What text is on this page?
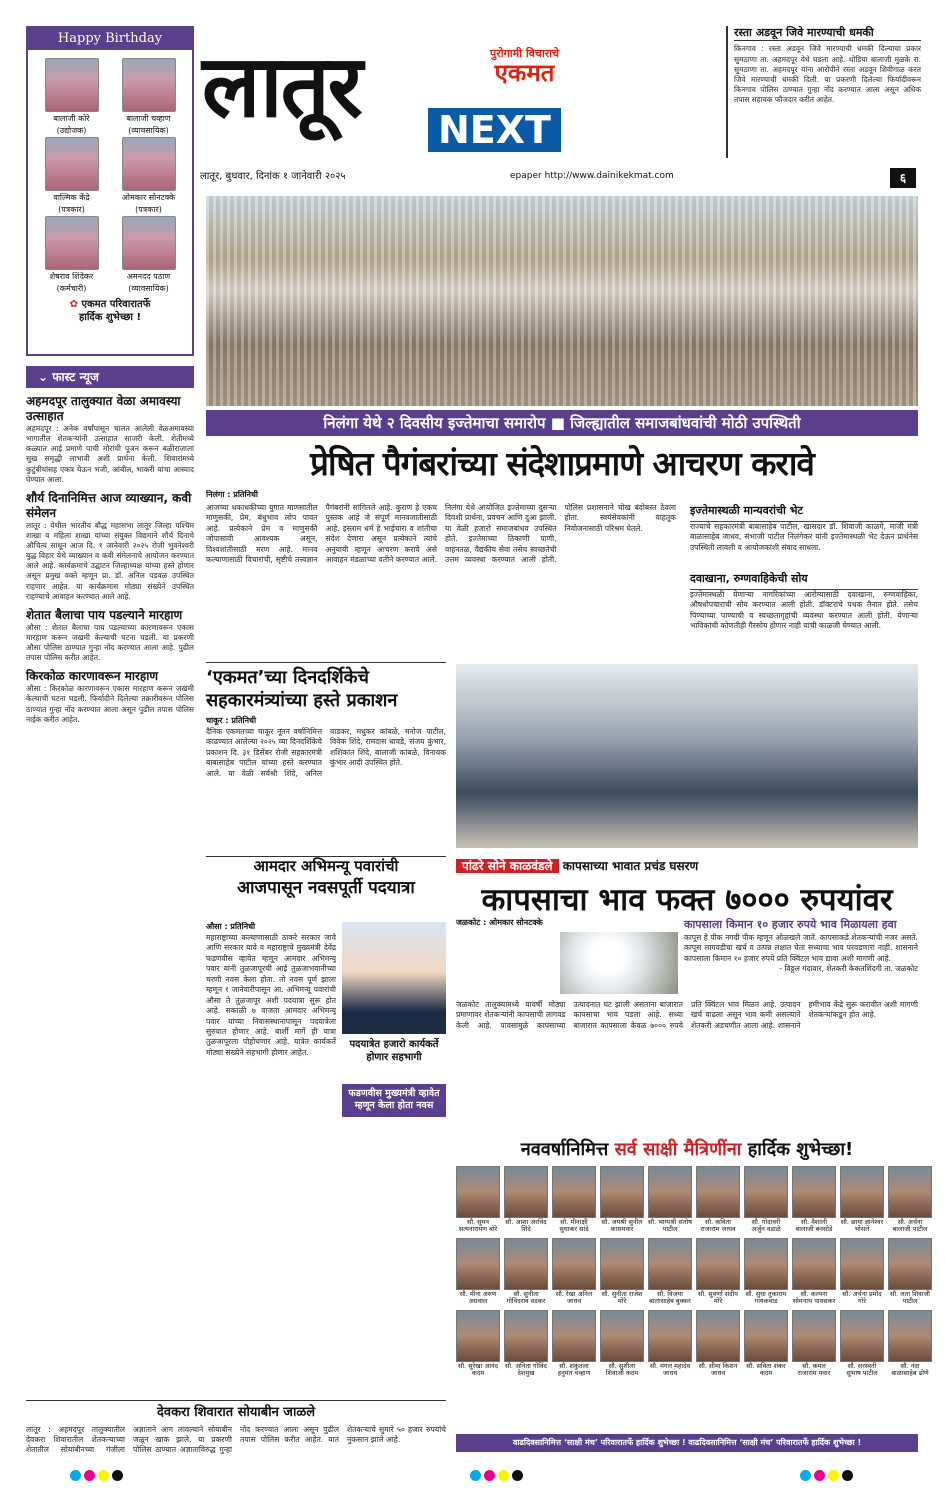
Happy Birthday
बालाजी कोरे
(उद्योजक)
बालाजी चव्हाण
(व्यावसायिक)
वाल्मिक केंद्रे
(पत्रकार)
ओमकार सोनटक्के
(पत्रकार)
शेषराव शिंदेकर
(कर्मचारी)
अमनदद पठाण
(व्यावसायिक)
✿ एकमत परिवारातर्फे
हार्दिक शुभेच्छा !
⌄ फास्ट न्यूज
अहमदपूर तालुक्यात वेळा अमावस्या उत्साहात
अहमदपूर : अनेक वर्षांपासून चालत आलेली वेळअमावस्या भागातील शेतकऱ्यांनी उत्साहात साजरी केली. शेतीमध्ये कळ्यात आई प्रमाणे पाची मोरांची पूजन करून बळीराजाला सुख समृद्धी लाभावी अशी प्रार्थना केली. शिवारांमध्ये कुटुंबीयांसह एकत्र येऊन भजी, आंबील, भाकरी यांचा आस्वाद घेण्यात आला.
शौर्य दिनानिमित्त आज व्याख्यान, कवी संमेलन
लातूर : येथील भारतीय बौद्ध महासभा लातूर जिल्हा पश्चिम शाखा व महिला शाखा यांच्या संयुक्त विद्यमाने शौर्य दिनाचे औचित्य साधून आज दि. १ जानेवारी २०२५ रोजी भुवनेश्वरी बुद्ध विहार येथे व्याख्यान व कवी संमेलनाचे आयोजन करण्यात आले आहे. कार्यक्रमाचे उद्घाटन जिल्हाध्यक्ष यांच्या हस्ते होणार असून प्रमुख वक्ते म्हणून प्रा. डॉ. अनिल पडवळ उपस्थित राहणार आहेत. या कार्यक्रमास मोठ्या संख्येने उपस्थित राहण्याचे आवाहन करण्यात आले आहे.
शेतात बैलाचा पाय पडल्याने मारहाण
औसा : शेतात बैलाचा पाय पडल्याच्या कारणावरून एकास मारहाण करून जखमी केल्याची घटना घडली. या प्रकरणी औसा पोलिस ठाण्यात गुन्हा नोंद करण्यात आला आहे. पुढील तपास पोलिस करीत आहेत.
किरकोळ कारणावरून मारहाण
औसा : किरकोळ कारणावरून एकास मारहाण करून जखमी केल्याची घटना घडली. फिर्यादीने दिलेल्या तक्रारीवरून पोलिस ठाण्यात गुन्हा नोंद करण्यात आला असून पुढील तपास पोलिस नाईक करीत आहेत.
लातूर	पुरोगामी विचाराचे
एकमत
NEXT
लातूर, बुधवार, दिनांक १ जानेवारी २०२५	epaper http://www.dainikekmat.com	६
रस्ता अडवून जिवे मारण्याची धमकी
किनगाव : रस्ता अडवून जिवे मारण्याची धमकी दिल्याचा प्रकार सुमठाणा ता. अहमदपूर येथे घडला आहे. थोडिया बालाजी मुळके रा. सुमठाणा ता. अहमदपूर यांना आरोपीने रस्ता अडवून शिवीगाळ करत जिवे मारण्याची धमकी दिली. या प्रकरणी दिलेल्या फिर्यादीवरून किनगाव पोलिस ठाण्यात गुन्हा नोंद करण्यात आला असून अधिक तपास सहायक फौजदार करीत आहेत.
निलंगा येथे २ दिवसीय इज्तेमाचा समारोप ■ जिल्ह्यातील समाजबांधवांची मोठी उपस्थिती
प्रेषित पैगंबरांच्या संदेशाप्रमाणे आचरण करावे
निलंगा : प्रतिनिधी
आजच्या धकाधकीच्या युगात माणसातील माणुसकी, प्रेम, बंधुभाव लोप पावत आहे. प्रत्येकाने प्रेम व माणुसकी जोपासावी आवश्यक असून, विश्वशांतीसाठी मरण आहे. मानव कल्याणासाठी विचारांची, सृष्टीचे तत्त्वज्ञान पैगंबरांनी सांगितले आहे. कुराण हे एकच पुस्तक आहे जे संपूर्ण मानवजातीसाठी आहे. इस्लाम धर्म हे भाईचारा व शांतीचा संदेश देणारा असून प्रत्येकाने त्यांचे अनुयायी म्हणून आचरण करावे असे आवाहन मंडळाच्या वतीने करण्यात आले. निलंगा येथे आयोजित इज्तेमाच्या दुसऱ्या दिवशी प्रार्थना, प्रवचन आणि दुआ झाली. या वेळी हजारो समाजबांधव उपस्थित होते. इज्तेमाच्या ठिकाणी पाणी, वाहनतळ, वैद्यकीय सेवा तसेच स्वच्छतेची उत्तम व्यवस्था करण्यात आली होती. पोलिस प्रशासनाने चोख बंदोबस्त ठेवला होता. स्वयंसेवकांनी वाहतूक नियोजनासाठी परिश्रम घेतले.
इज्तेमास्थळी मान्यवरांची भेट
राज्याचे सहकारमंत्री बाबासाहेब पाटील, खासदार डॉ. शिवाजी काळगे, माजी मंत्री बाळासाहेब जाधव, संभाजी पाटील निलंगेकर यांनी इज्तेमास्थळी भेट देऊन प्रार्थनेस उपस्थिती लावली व आयोजकांशी संवाद साधला.
दवाखाना, रुग्णवाहिकेची सोय
इज्तेमास्थळी येणाऱ्या नागरिकांच्या आरोग्यासाठी दवाखाना, रुग्णवाहिका, औषधोपचाराची सोय करण्यात आली होती. डॉक्टरांचे पथक तैनात होते. तसेच पिण्याच्या पाण्याची व स्वच्छतागृहांची व्यवस्था करण्यात आली होती. येणाऱ्या भाविकांची कोणतीही गैरसोय होणार नाही याची काळजी घेण्यात आली.
‘एकमत’च्या दिनदर्शिकेचे
सहकारमंत्र्यांच्या हस्ते प्रकाशन
चाकूर : प्रतिनिधी
दैनिक एकमतच्या चाकूर नूतन वर्षानिमित्त काढण्यात आलेल्या २०२५ च्या दिनदर्शिकेचे प्रकाशन दि. ३१ डिसेंबर रोजी सहकारमंत्री बाबासाहेब पाटील यांच्या हस्ते करण्यात आले. या वेळी सर्वश्री शिंदे, अनिल वाडकर, मधुकर कांबळे, मनोज पाटील, विवेक शिंदे, रामदास धावडे, संजय कुंभार, शशिकांत शिंदे, बालाजी कांबळे, विनायक कुंभार आदी उपस्थित होते.
आमदार अभिमन्यू पवारांची
आजपासून नवसपूर्ती पदयात्रा
औसा : प्रतिनिधी
महाराष्ट्राच्या कल्याणासाठी ठाकरे सरकार जावे आणि सरकार यावे व महाराष्ट्राचे मुख्यमंत्री देवेंद्र फडणवीस व्हावेत म्हणून आमदार अभिमन्यू पवार यांनी तुळजापूरची आई तुळजाभवानीच्या चरणी नवस केला होता. तो नवस पूर्ण झाला म्हणून १ जानेवारीपासून आ. अभिमन्यू पवारांची औसा ते तुळजापूर अशी पदयात्रा सुरू होत आहे. सकाळी ७ वाजता आमदार अभिमन्यू पवार यांच्या निवासस्थानापासून पदयात्रेला सुरुवात होणार आहे. बार्शी मार्गे ही यात्रा तुळजापूरला पोहोचणार आहे. यात्रेत कार्यकर्ते मोठ्या संख्येने सहभागी होणार आहेत.
पदयात्रेत हजारो कार्यकर्ते होणार सहभागी
फडणवीस मुख्यमंत्री व्हावेत म्हणून केला होता नवस
पांढरे सोने काळवंडले कापसाच्या भावात प्रचंड घसरण
कापसाचा भाव फक्त ७००० रुपयांवर
जळकोट : ओमकार सोनटक्के	कापसाला किमान १० हजार रुपये भाव मिळायला हवा
कापूस हे पीक नगदी पीक म्हणून ओळखले जाते. कापसाकडे शेतकऱ्यांची नजर असते. कापूस लागवडीचा खर्च व उत्पन्न लक्षात घेता सध्याचा भाव परवडणारा नाही. शासनाने कापसाला किमान १० हजार रुपये प्रति क्विंटल भाव द्यावा अशी मागणी आहे.
- विठ्ठल गंदावार, शेतकरी केकतशिंदगी ता. जळकोट
जळकोट तालुक्यामध्ये यावर्षी मोठ्या प्रमाणावर शेतकऱ्यांनी कापसाची लागवड केली आहे. पावसामुळे कापसाच्या उत्पादनात घट झाली असताना बाजारात कापसाचा भाव पडला आहे. सध्या बाजारात कापसाला केवळ ७००० रुपये प्रति क्विंटल भाव मिळत आहे. उत्पादन खर्च वाढला असून भाव कमी असल्याने शेतकरी अडचणीत आला आहे. शासनाने हमीभाव केंद्रे सुरू करावीत अशी मागणी शेतकऱ्यांकडून होत आहे.
नववर्षानिमित्त सर्व साक्षी मैत्रिणींना हार्दिक शुभेच्छा!
सौ. सुमन सत्यनारायण बोरे
सौ. आशा अरविंद शिंदे
सौ. मीनाक्षी सुधाकर सांडे
सौ. जयश्री सुनील कासमवार
सौ. भाग्यश्री संतोष पाटील
सौ. कविता राजाराम जाधव
सौ. गोदावरी अर्जुन वडाळे
सौ. वैशाली बालाजी बनसोडे
सौ. छाया ज्ञानेश्वर भोसले
सौ. अर्चना बालाजी पाटील
सौ. मीना अरुण अग्रवाल
सौ. सुनीता गोविंदराव वडकर
सौ. रेखा अनिल जाधव
सौ. सुनीता राजेश मोरे
सौ. विजया बालासाहेब बुक्कर
सौ. सुवर्णा संदीप मोरे
सौ. सुधा तुकाराम गायकवाड
सौ. कल्पना सोमनाथ पावसकर
सौ. अर्चना प्रमोद गोरे
सौ. लता शिवाजी पाटील
सौ. सुरेखा आनंद कदम
सौ. अनिता गोविंद देशमुख
सौ. शकुंतला हनुमंत चव्हाण
सौ. सुशीला शिवाजी कदम
सौ. मंगल महादेव जाधव
सौ. सीमा किशन जाधव
सौ. सविता शंकर कदम
सौ. कमल राजाराम पवार
सौ. सरस्वती सुभाष पाटील
सौ. नंदा बाळासाहेब ढोणे
वाढदिवसानिमित्त ‘साक्षी मंच’ परिवारातर्फे हार्दिक शुभेच्छा ! वाढदिवसानिमित्त ‘साक्षी मंच’ परिवारातर्फे हार्दिक शुभेच्छा !
देवकरा शिवारात सोयाबीन जाळले
लातूर : अहमदपूर तालुक्यातील देवकरा शिवारातील शेतकऱ्याच्या शेतातील सोयाबीनच्या गंजीला अज्ञाताने आग लावल्याने सोयाबीन जळून खाक झाले. या प्रकरणी पोलिस ठाण्यात अज्ञाताविरुद्ध गुन्हा नोंद करण्यात आला असून पुढील तपास पोलिस करीत आहेत. यात शेतकऱ्याचे सुमारे ५० हजार रुपयांचे नुकसान झाले आहे.
